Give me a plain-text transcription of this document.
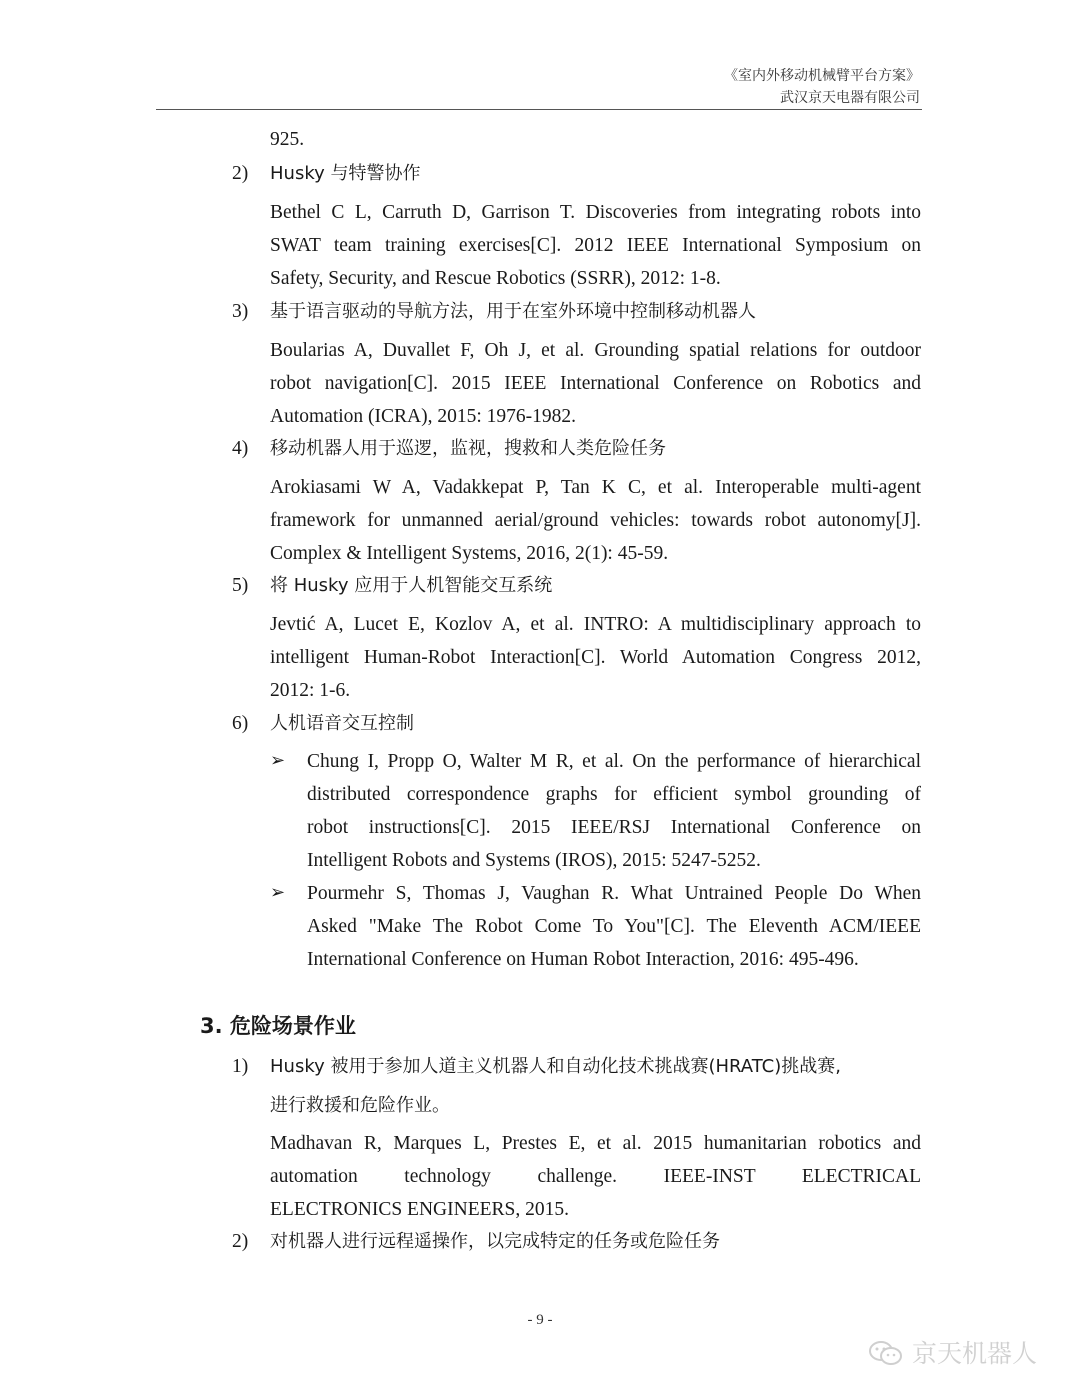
《室内外移动机械臂平台方案》
武汉京天电器有限公司
925.
2) Husky 与特警协作
Bethel C L, Carruth D, Garrison T. Discoveries from integrating robots into
SWAT team training exercises[C]. 2012 IEEE International Symposium on
Safety, Security, and Rescue Robotics (SSRR), 2012: 1-8.
3) 基于语言驱动的导航方法，用于在室外环境中控制移动机器人
Boularias A, Duvallet F, Oh J, et al. Grounding spatial relations for outdoor
robot navigation[C]. 2015 IEEE International Conference on Robotics and
Automation (ICRA), 2015: 1976-1982.
4) 移动机器人用于巡逻，监视，搜救和人类危险任务
Arokiasami W A, Vadakkepat P, Tan K C, et al. Interoperable multi-agent
framework for unmanned aerial/ground vehicles: towards robot autonomy[J].
Complex & Intelligent Systems, 2016, 2(1): 45-59.
5) 将 Husky 应用于人机智能交互系统
Jevtić A, Lucet E, Kozlov A, et al. INTRO: A multidisciplinary approach to
intelligent Human-Robot Interaction[C]. World Automation Congress 2012,
2012: 1-6.
6) 人机语音交互控制
➢ Chung I, Propp O, Walter M R, et al. On the performance of hierarchical
distributed correspondence graphs for efficient symbol grounding of
robot instructions[C]. 2015 IEEE/RSJ International Conference on
Intelligent Robots and Systems (IROS), 2015: 5247-5252.
➢ Pourmehr S, Thomas J, Vaughan R. What Untrained People Do When
Asked "Make The Robot Come To You"[C]. The Eleventh ACM/IEEE
International Conference on Human Robot Interaction, 2016: 495-496.
3. 危险场景作业
1) Husky 被用于参加人道主义机器人和自动化技术挑战赛(HRATC)挑战赛,
进行救援和危险作业。
Madhavan R, Marques L, Prestes E, et al. 2015 humanitarian robotics and
automation technology challenge. IEEE-INST ELECTRICAL
ELECTRONICS ENGINEERS, 2015.
2) 对机器人进行远程遥操作，以完成特定的任务或危险任务
- 9 -
京天机器人
